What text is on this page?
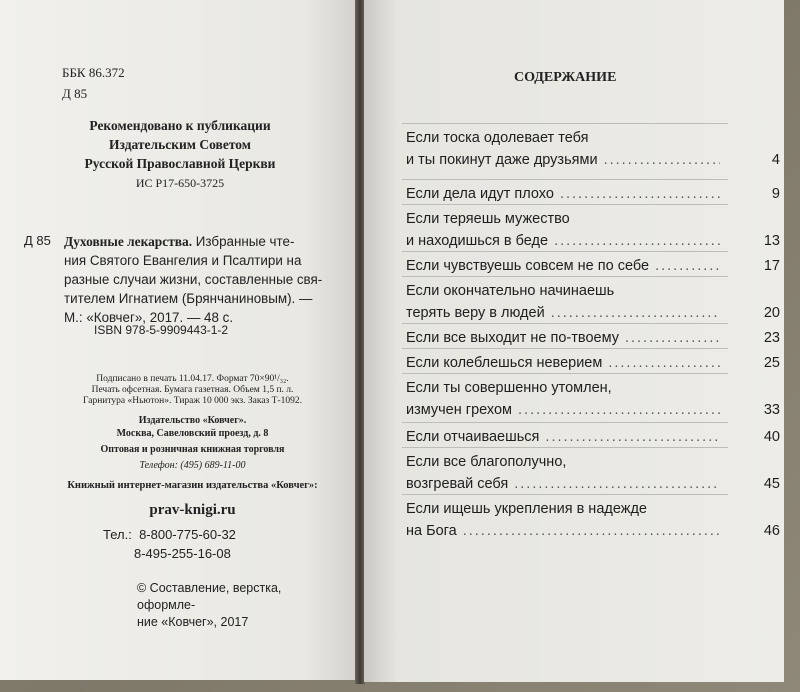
ББК 86.372
Д 85
Рекомендовано к публикации
Издательским Советом
Русской Православной Церкви
ИС Р17-650-3725
Д 85 Духовные лекарства. Избранные чте-
ния Святого Евангелия и Псалтири на
разные случаи жизни, составленные свя-
тителем Игнатием (Брянчаниновым). —
М.: «Ковчег», 2017. — 48 с.
ISBN 978-5-9909443-1-2
Подписано в печать 11.04.17. Формат 70×90¹/₃₂.
Печать офсетная. Бумага газетная. Объем 1,5 п. л.
Гарнитура «Ньютон». Тираж 10 000 экз. Заказ Т-1092.
Издательство «Ковчег».
Москва, Савеловский проезд, д. 8
Оптовая и розничная книжная торговля
Телефон: (495) 689-11-00
Книжный интернет-магазин издательства «Ковчег»:
prav-knigi.ru
Тел.: 8-800-775-60-32
8-495-255-16-08
© Составление, верстка, оформле-
ние «Ковчег», 2017
СОДЕРЖАНИЕ
Если тоска одолевает тебя
и ты покинут даже друзьями .....	4
Если дела идут плохо .....	9
Если теряешь мужество
и находишься в беде .....	13
Если чувствуешь совсем не по себе .....	17
Если окончательно начинаешь
терять веру в людей .....	20
Если все выходит не по-твоему .....	23
Если колеблешься неверием .....	25
Если ты совершенно утомлен,
измучен грехом .....	33
Если отчаиваешься .....	40
Если все благополучно,
возгревай себя .....	45
Если ищешь укрепления в надежде
на Бога .....	46
